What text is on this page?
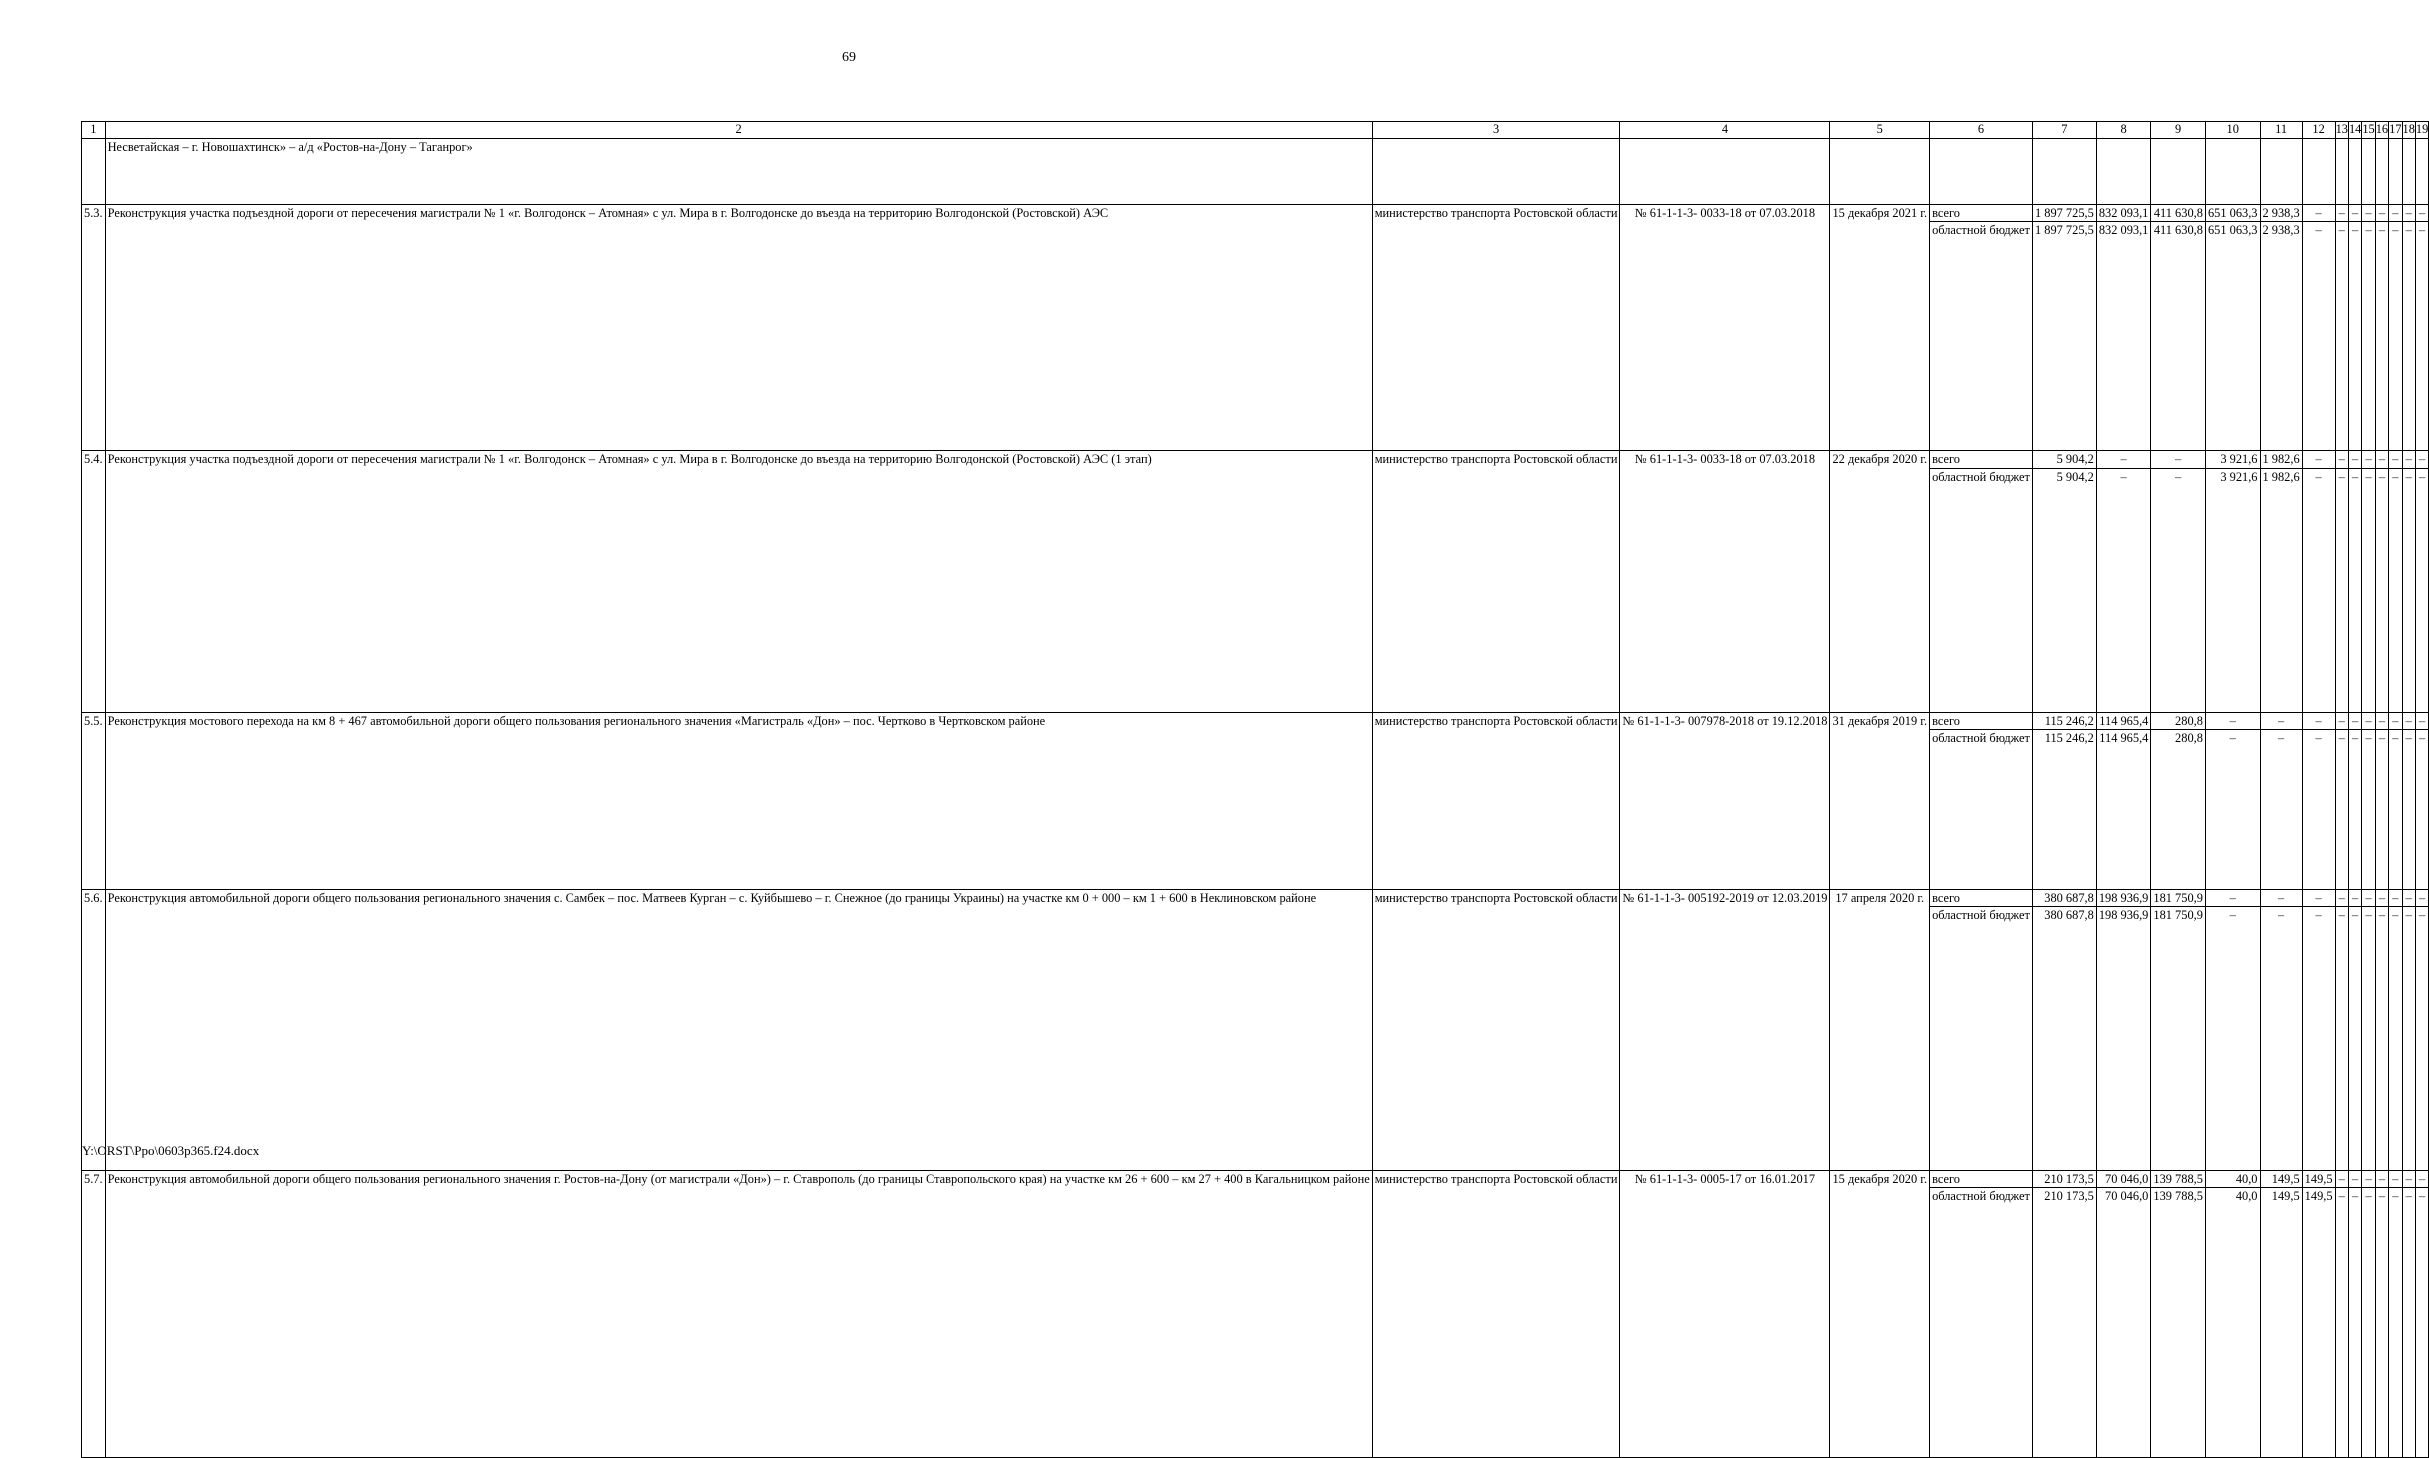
69
1	2	3	4	5	6	7	8	9	10	11	12	13	14	15	16	17	18	19
	Несветайская – г. Новошахтинск» – а/д «Ростов-на-Дону – Таганрог»																	
5.3.	Реконструкция участка подъездной дороги от пересечения магистрали № 1 «г. Волгодонск – Атомная» с ул. Мира в г. Волгодонске до въезда на территорию Волгодонской (Ростовской) АЭС	министерство транспорта Ростовской области	№ 61-1-1-3- 0033-18 от 07.03.2018	15 декабря 2021 г.	всего	1 897 725,5	832 093,1	411 630,8	651 063,3	2 938,3	–	–	–	–	–	–	–	–
					областной бюджет	1 897 725,5	832 093,1	411 630,8	651 063,3	2 938,3	–	–	–	–	–	–	–	–
5.4.	Реконструкция участка подъездной дороги от пересечения магистрали № 1 «г. Волгодонск – Атомная» с ул. Мира в г. Волгодонске до въезда на территорию Волгодонской (Ростовской) АЭС (1 этап)	министерство транспорта Ростовской области	№ 61-1-1-3- 0033-18 от 07.03.2018	22 декабря 2020 г.	всего	5 904,2	–	–	3 921,6	1 982,6	–	–	–	–	–	–	–	–
					областной бюджет	5 904,2	–	–	3 921,6	1 982,6	–	–	–	–	–	–	–	–
5.5.	Реконструкция мостового перехода на км 8 + 467 автомобильной дороги общего пользования регионального значения «Магистраль «Дон» – пос. Чертково в Чертковском районе	министерство транспорта Ростовской области	№ 61-1-1-3- 007978-2018 от 19.12.2018	31 декабря 2019 г.	всего	115 246,2	114 965,4	280,8	–	–	–	–	–	–	–	–	–	–
					областной бюджет	115 246,2	114 965,4	280,8	–	–	–	–	–	–	–	–	–	–
5.6.	Реконструкция автомобильной дороги общего пользования регионального значения с. Самбек – пос. Матвеев Курган – с. Куйбышево – г. Снежное (до границы Украины) на участке км 0 + 000 – км 1 + 600 в Неклиновском районе	министерство транспорта Ростовской области	№ 61-1-1-3- 005192-2019 от 12.03.2019	17 апреля 2020 г.	всего	380 687,8	198 936,9	181 750,9	–	–	–	–	–	–	–	–	–	–
					областной бюджет	380 687,8	198 936,9	181 750,9	–	–	–	–	–	–	–	–	–	–
5.7.	Реконструкция автомобильной дороги общего пользования регионального значения г. Ростов-на-Дону (от магистрали «Дон») – г. Ставрополь (до границы Ставропольского края) на участке км 26 + 600 – км 27 + 400 в Кагальницком районе	министерство транспорта Ростовской области	№ 61-1-1-3- 0005-17 от 16.01.2017	15 декабря 2020 г.	всего	210 173,5	70 046,0	139 788,5	40,0	149,5	149,5	–	–	–	–	–	–	–
					областной бюджет	210 173,5	70 046,0	139 788,5	40,0	149,5	149,5	–	–	–	–	–	–	–
Y:\ORST\Ppo\0603p365.f24.docx
